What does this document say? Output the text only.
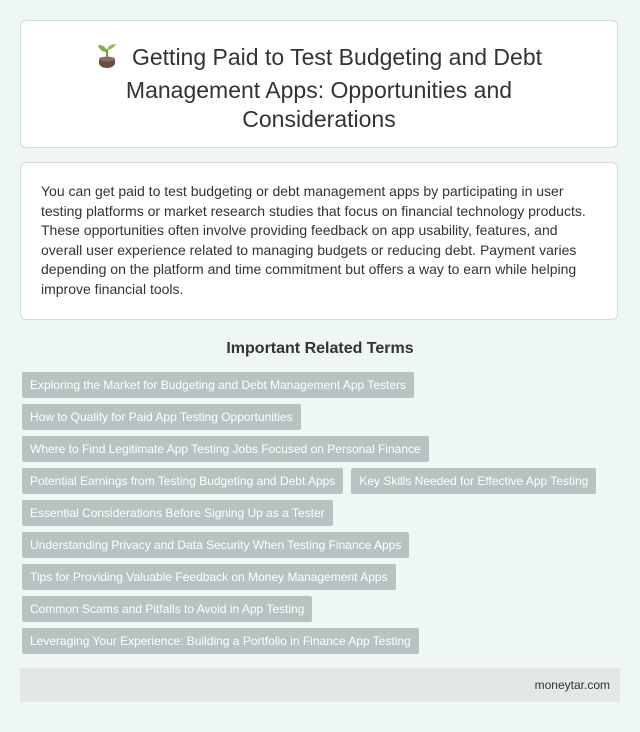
Getting Paid to Test Budgeting and Debt Management Apps: Opportunities and Considerations

You can get paid to test budgeting or debt management apps by participating in user testing platforms or market research studies that focus on financial technology products. These opportunities often involve providing feedback on app usability, features, and overall user experience related to managing budgets or reducing debt. Payment varies depending on the platform and time commitment but offers a way to earn while helping improve financial tools.

Important Related Terms
Exploring the Market for Budgeting and Debt Management App Testers
How to Qualify for Paid App Testing Opportunities
Where to Find Legitimate App Testing Jobs Focused on Personal Finance
Potential Earnings from Testing Budgeting and Debt Apps	Key Skills Needed for Effective App Testing
Essential Considerations Before Signing Up as a Tester
Understanding Privacy and Data Security When Testing Finance Apps
Tips for Providing Valuable Feedback on Money Management Apps
Common Scams and Pitfalls to Avoid in App Testing
Leveraging Your Experience: Building a Portfolio in Finance App Testing
moneytar.com
